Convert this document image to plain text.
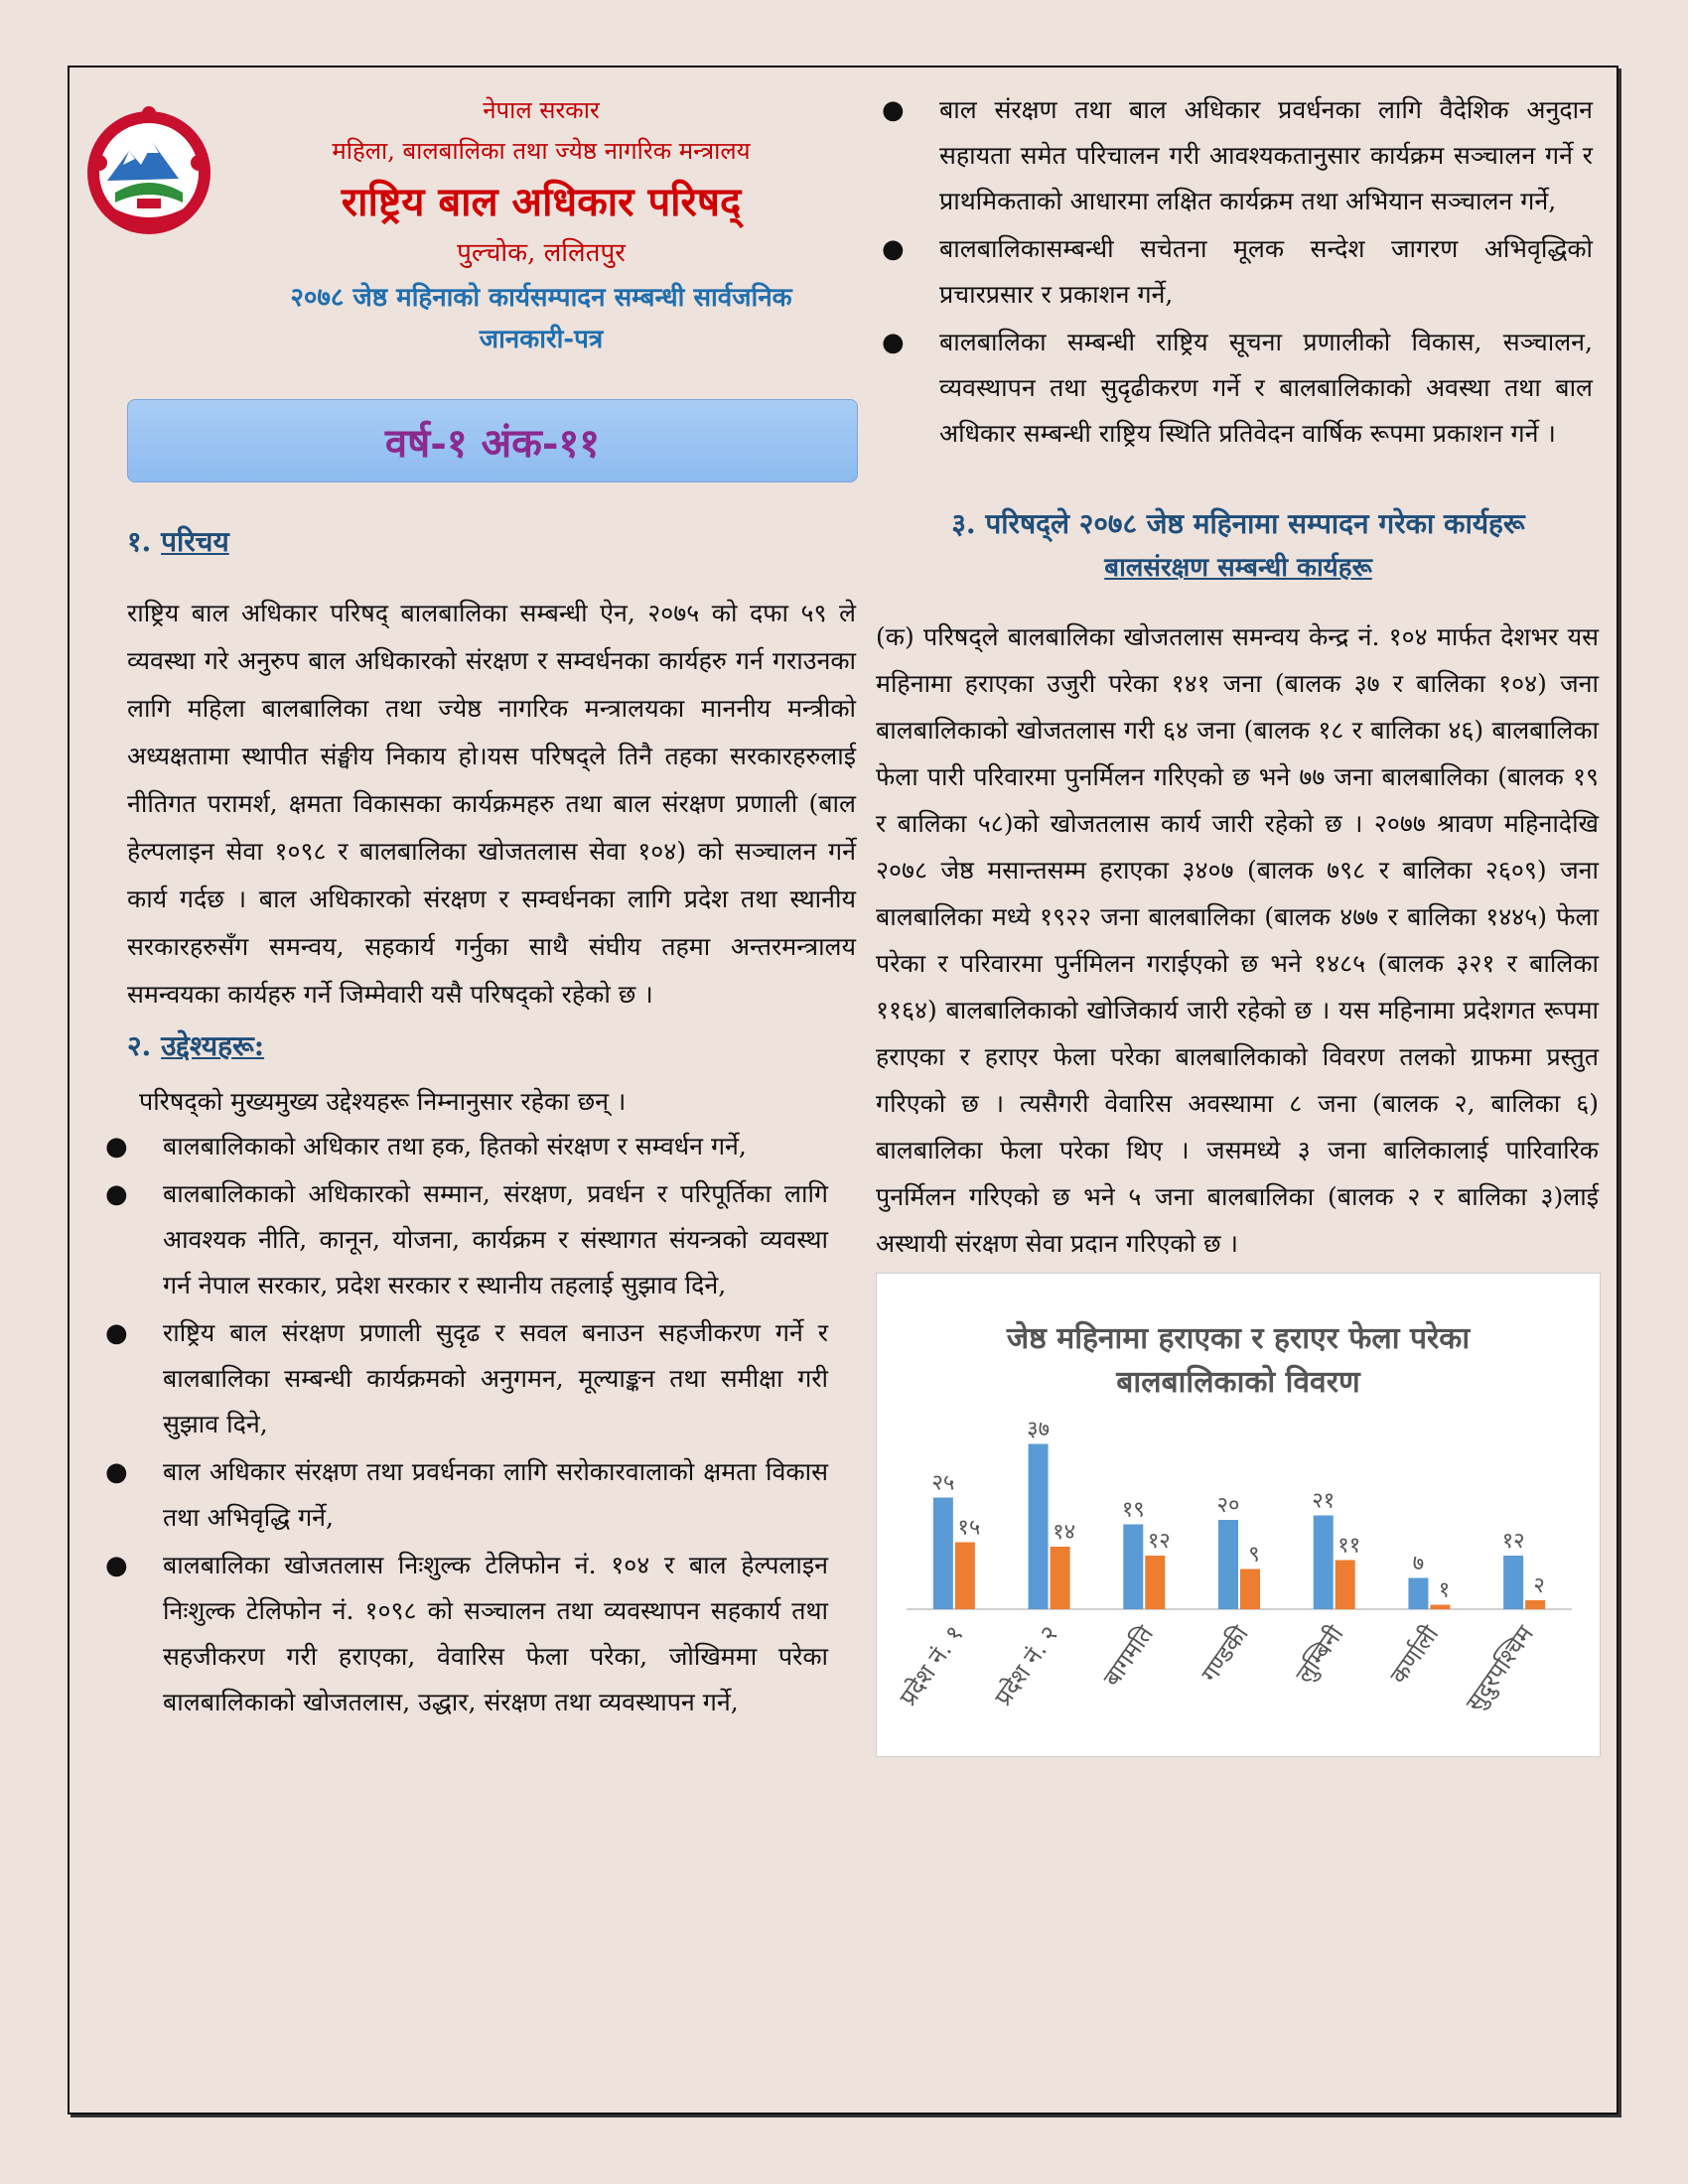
नेपाल सरकार
महिला, बालबालिका तथा ज्येष्ठ नागरिक मन्त्रालय
राष्ट्रिय बाल अधिकार परिषद्
पुल्चोक, ललितपुर
२०७८ जेष्ठ महिनाको कार्यसम्पादन सम्बन्धी सार्वजनिक
जानकारी-पत्र
वर्ष-१ अंक-११
१. परिचय
राष्ट्रिय बाल अधिकार परिषद् बालबालिका सम्बन्धी ऐन, २०७५ को दफा ५९ ले व्यवस्था गरे अनुरुप बाल अधिकारको संरक्षण र सम्वर्धनका कार्यहरु गर्न गराउनका लागि महिला बालबालिका तथा ज्येष्ठ नागरिक मन्त्रालयका माननीय मन्त्रीको अध्यक्षतामा स्थापीत संङ्घीय निकाय हो।यस परिषद्ले तिनै तहका सरकारहरुलाई नीतिगत परामर्श, क्षमता विकासका कार्यक्रमहरु तथा बाल संरक्षण प्रणाली (बाल हेल्पलाइन सेवा १०९८ र बालबालिका खोजतलास सेवा १०४) को सञ्चालन गर्ने कार्य गर्दछ । बाल अधिकारको संरक्षण र सम्वर्धनका लागि प्रदेश तथा स्थानीय सरकारहरुसँग समन्वय, सहकार्य गर्नुका साथै संघीय तहमा अन्तरमन्त्रालय समन्वयका कार्यहरु गर्ने जिम्मेवारी यसै परिषद्को रहेको छ ।
२. उद्देश्यहरू:
परिषद्को मुख्यमुख्य उद्देश्यहरू निम्नानुसार रहेका छन् ।
● बालबालिकाको अधिकार तथा हक, हितको संरक्षण र सम्वर्धन गर्ने,
● बालबालिकाको अधिकारको सम्मान, संरक्षण, प्रवर्धन र परिपूर्तिका लागि आवश्यक नीति, कानून, योजना, कार्यक्रम र संस्थागत संयन्त्रको व्यवस्था गर्न नेपाल सरकार, प्रदेश सरकार र स्थानीय तहलाई सुझाव दिने,
● राष्ट्रिय बाल संरक्षण प्रणाली सुदृढ र सवल बनाउन सहजीकरण गर्ने र बालबालिका सम्बन्धी कार्यक्रमको अनुगमन, मूल्याङ्कन तथा समीक्षा गरी सुझाव दिने,
● बाल अधिकार संरक्षण तथा प्रवर्धनका लागि सरोकारवालाको क्षमता विकास तथा अभिवृद्धि गर्ने,
● बालबालिका खोजतलास निःशुल्क टेलिफोन नं. १०४ र बाल हेल्पलाइन निःशुल्क टेलिफोन नं. १०९८ को सञ्चालन तथा व्यवस्थापन सहकार्य तथा सहजीकरण गरी हराएका, वेवारिस फेला परेका, जोखिममा परेका बालबालिकाको खोजतलास, उद्धार, संरक्षण तथा व्यवस्थापन गर्ने,
● बाल संरक्षण तथा बाल अधिकार प्रवर्धनका लागि वैदेशिक अनुदान सहायता समेत परिचालन गरी आवश्यकतानुसार कार्यक्रम सञ्चालन गर्ने र प्राथमिकताको आधारमा लक्षित कार्यक्रम तथा अभियान सञ्चालन गर्ने,
● बालबालिकासम्बन्धी सचेतना मूलक सन्देश जागरण अभिवृद्धिको प्रचारप्रसार र प्रकाशन गर्ने,
● बालबालिका सम्बन्धी राष्ट्रिय सूचना प्रणालीको विकास, सञ्चालन, व्यवस्थापन तथा सुदृढीकरण गर्ने र बालबालिकाको अवस्था तथा बाल अधिकार सम्बन्धी राष्ट्रिय स्थिति प्रतिवेदन वार्षिक रूपमा प्रकाशन गर्ने ।
३. परिषद्ले २०७८ जेष्ठ महिनामा सम्पादन गरेका कार्यहरू
बालसंरक्षण सम्बन्धी कार्यहरू
(क) परिषद्ले बालबालिका खोजतलास समन्वय केन्द्र नं. १०४ मार्फत देशभर यस महिनामा हराएका उजुरी परेका १४१ जना (बालक ३७ र बालिका १०४) जना बालबालिकाको खोजतलास गरी ६४ जना (बालक १८ र बालिका ४६) बालबालिका फेला पारी परिवारमा पुनर्मिलन गरिएको छ भने ७७ जना बालबालिका (बालक १९ र बालिका ५८)को खोजतलास कार्य जारी रहेको छ । २०७७ श्रावण महिनादेखि २०७८ जेष्ठ मसान्तसम्म हराएका ३४०७ (बालक ७९८ र बालिका २६०९) जना बालबालिका मध्ये १९२२ जना बालबालिका (बालक ४७७ र बालिका १४४५) फेला परेका र परिवारमा पुर्नमिलन गराईएको छ भने १४८५ (बालक ३२१ र बालिका ११६४) बालबालिकाको खोजिकार्य जारी रहेको छ । यस महिनामा प्रदेशगत रूपमा हराएका र हराएर फेला परेका बालबालिकाको विवरण तलको ग्राफमा प्रस्तुत गरिएको छ । त्यसैगरी वेवारिस अवस्थामा ८ जना (बालक २, बालिका ६) बालबालिका फेला परेका थिए । जसमध्ये ३ जना बालिकालाई पारिवारिक पुनर्मिलन गरिएको छ भने ५ जना बालबालिका (बालक २ र बालिका ३)लाई अस्थायी संरक्षण सेवा प्रदान गरिएको छ ।
जेष्ठ महिनामा हराएका र हराएर फेला परेका
बालबालिकाको विवरण
२५
१५
प्रदेश नं. १
३७
१४
प्रदेश नं. २
१९
१२
बागमति
२०
९
गण्डकी
२१
११
लुम्बिनी
७
१
कर्णाली
१२
२
सुदुरपश्चिम
